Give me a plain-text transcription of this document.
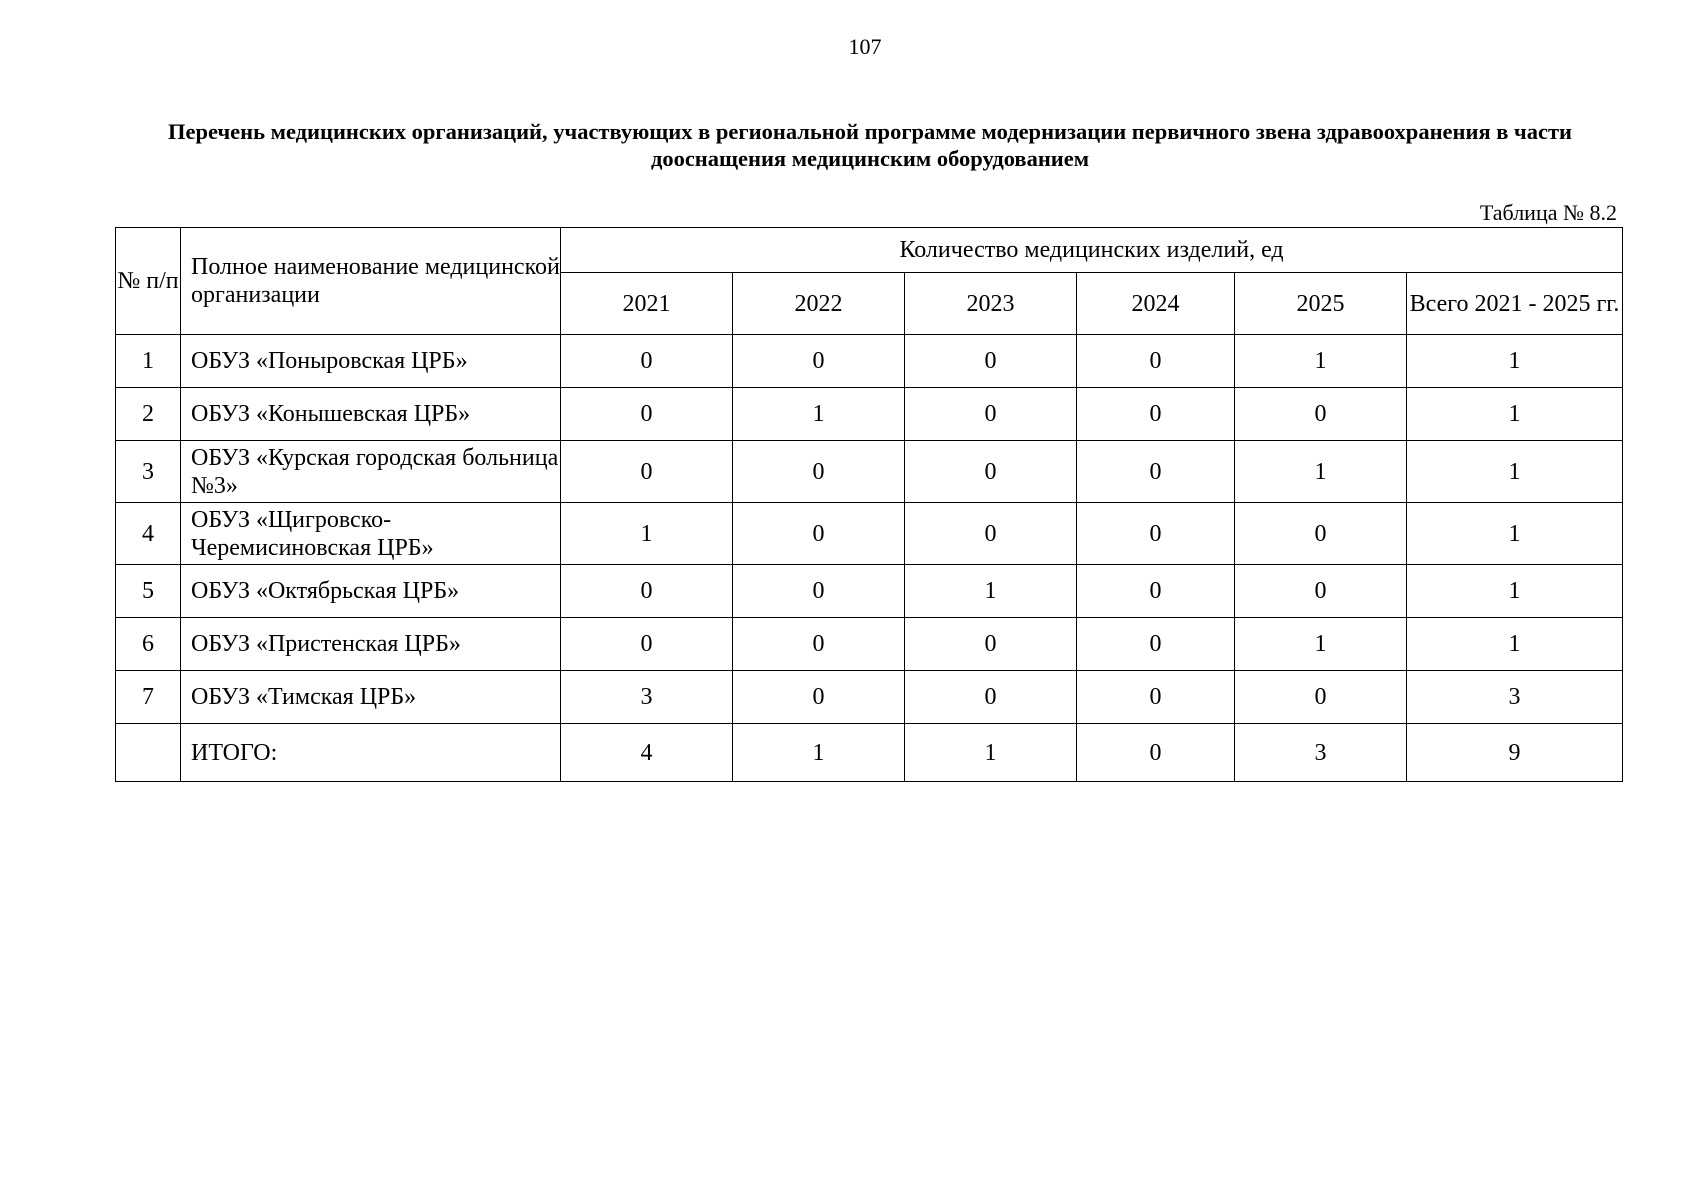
107
Перечень медицинских организаций, участвующих в региональной программе модернизации первичного звена здравоохранения в части дооснащения медицинским оборудованием
Таблица № 8.2
№ п/п	Полное наименование медицинской организации	Количество медицинских изделий, ед					
		2021	2022	2023	2024	2025	Всего 2021 - 2025 гг.
1	ОБУЗ «Поныровская ЦРБ»	0	0	0	0	1	1
2	ОБУЗ «Конышевская ЦРБ»	0	1	0	0	0	1
3	ОБУЗ «Курская городская больница №3»	0	0	0	0	1	1
4	ОБУЗ «Щигровско-Черемисиновская ЦРБ»	1	0	0	0	0	1
5	ОБУЗ «Октябрьская ЦРБ»	0	0	1	0	0	1
6	ОБУЗ «Пристенская ЦРБ»	0	0	0	0	1	1
7	ОБУЗ «Тимская ЦРБ»	3	0	0	0	0	3
	ИТОГО:	4	1	1	0	3	9
